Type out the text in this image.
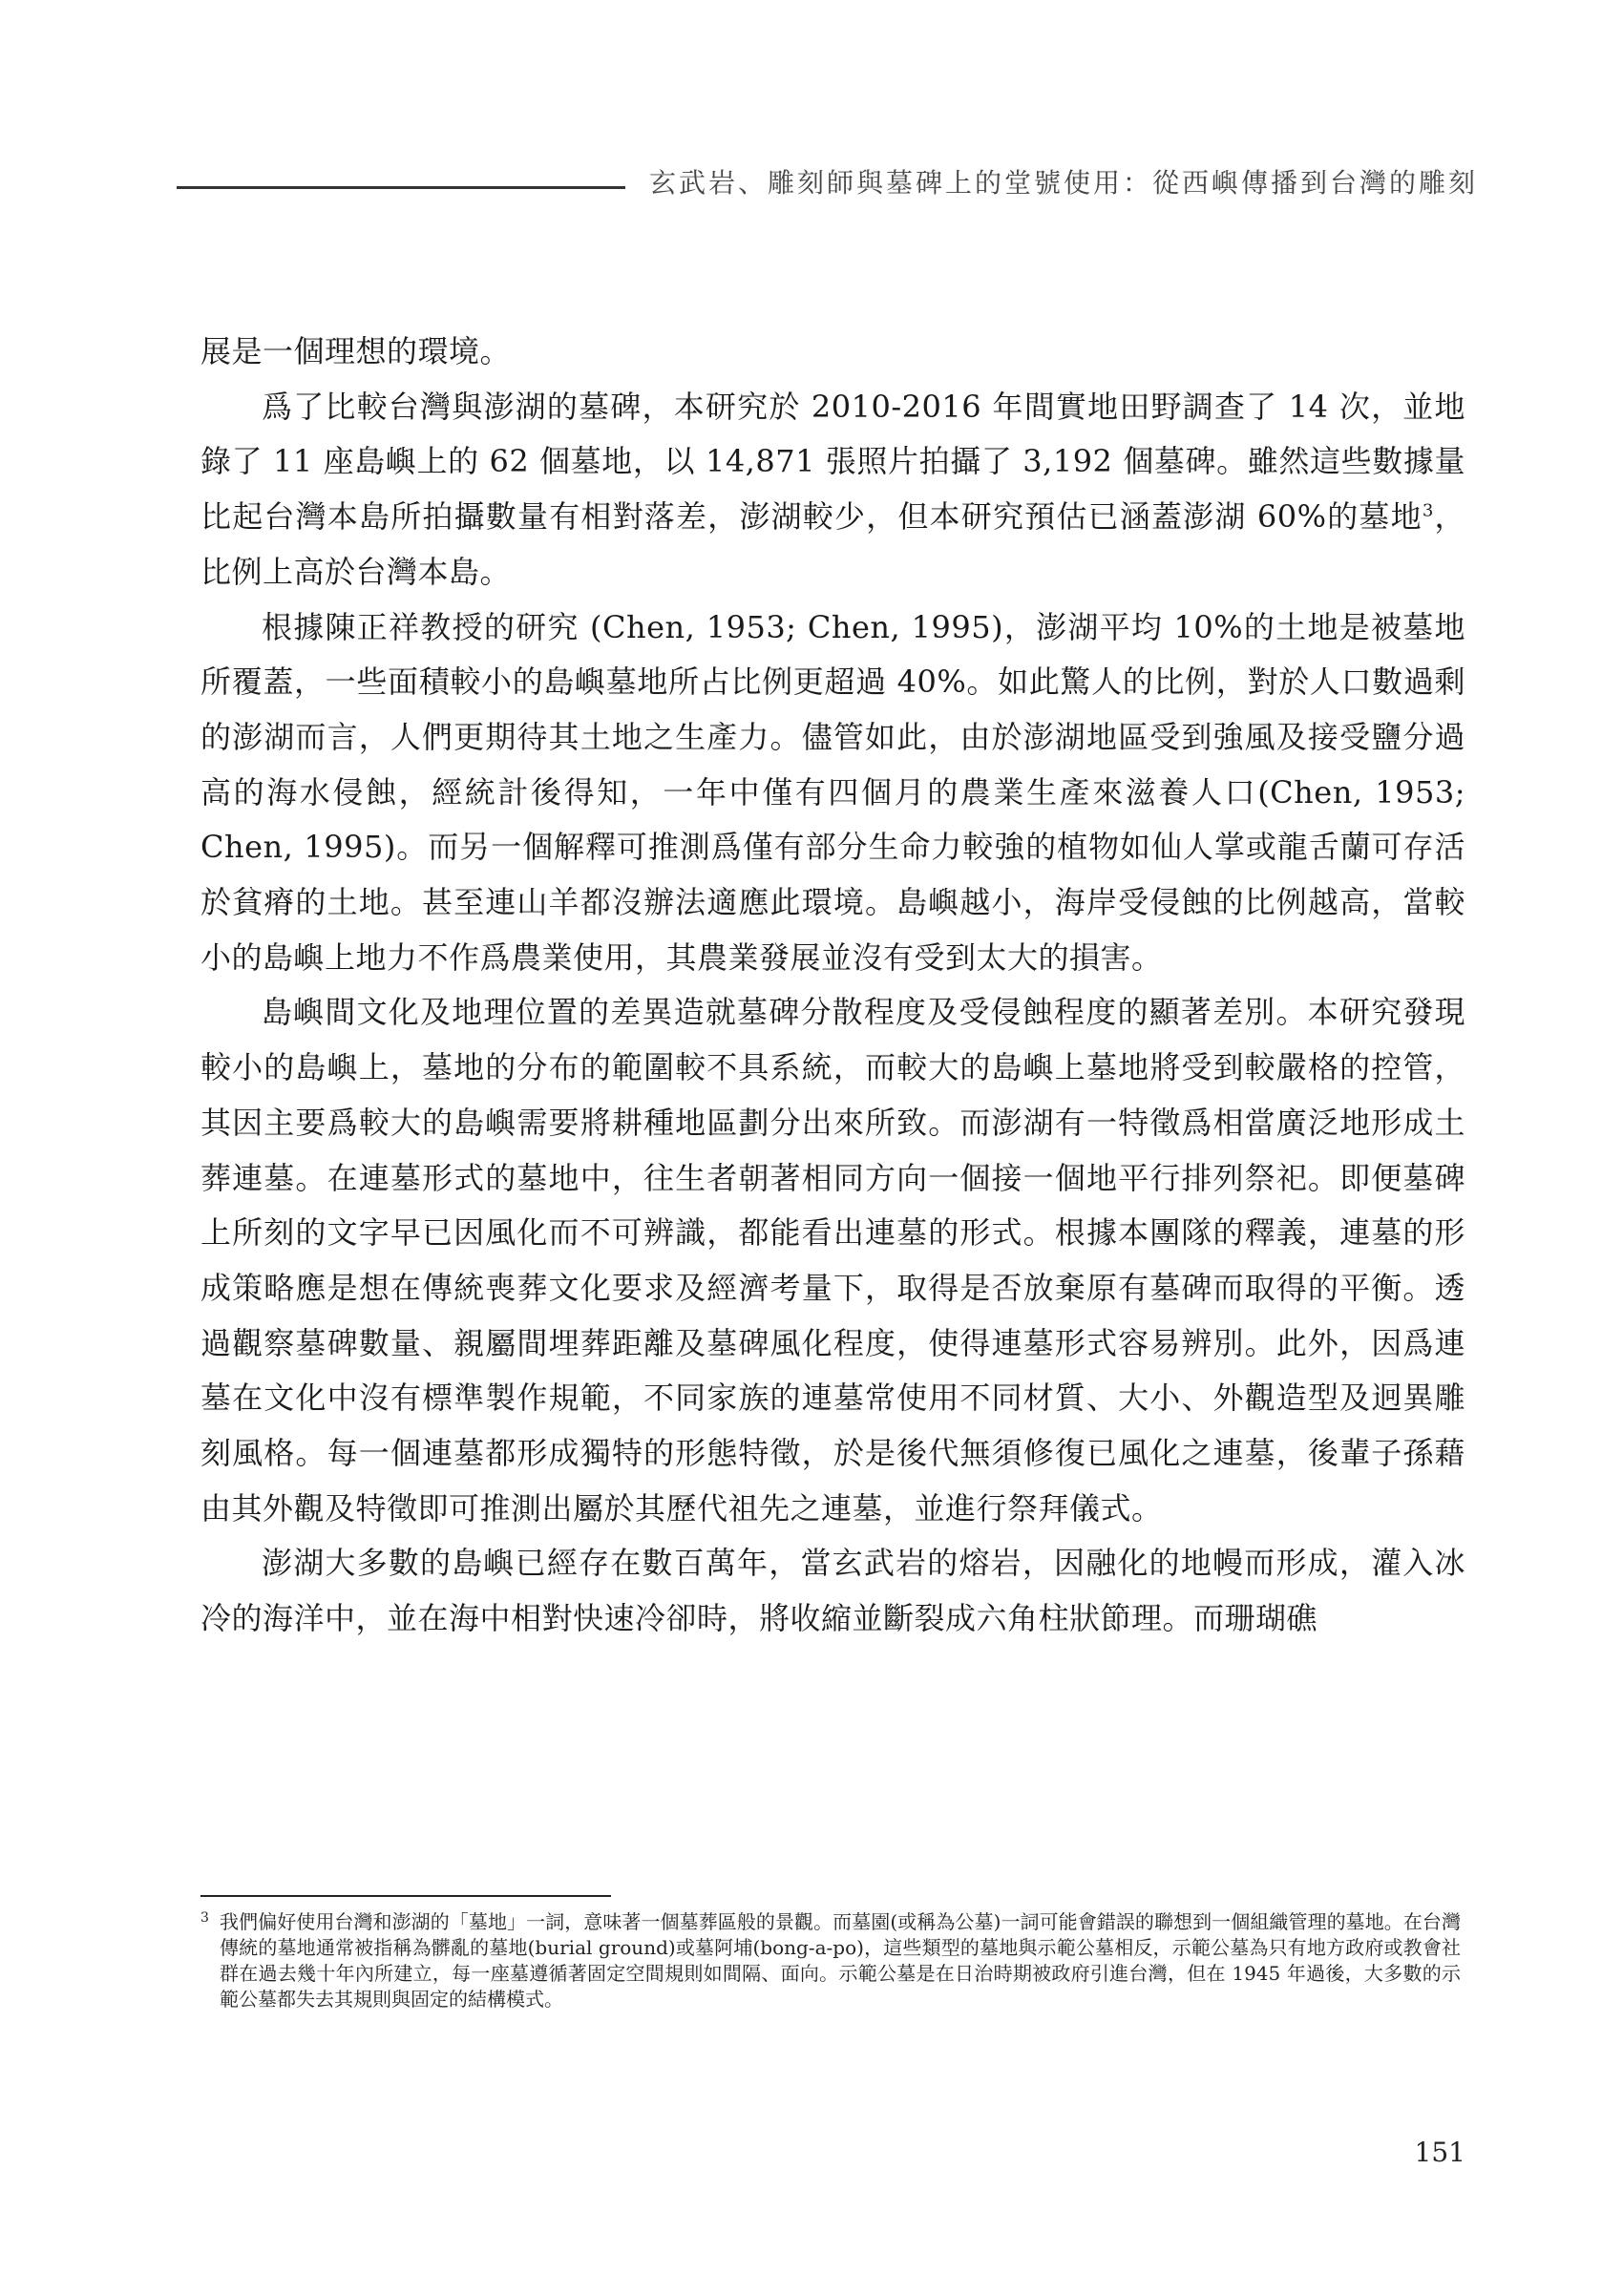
玄武岩、雕刻師與墓碑上的堂號使用：從西嶼傳播到台灣的雕刻

展是一個理想的環境。

爲了比較台灣與澎湖的墓碑，本研究於 2010-2016 年間實地田野調查了 14 次，並地錄了 11 座島嶼上的 62 個墓地，以 14,871 張照片拍攝了 3,192 個墓碑。雖然這些數據量比起台灣本島所拍攝數量有相對落差，澎湖較少，但本研究預估已涵蓋澎湖 60%的墓地$^3$，比例上高於台灣本島。

根據陳正祥教授的研究 (Chen, 1953; Chen, 1995)，澎湖平均 10%的土地是被墓地所覆蓋，一些面積較小的島嶼墓地所占比例更超過 40%。如此驚人的比例，對於人口數過剩的澎湖而言，人們更期待其土地之生產力。儘管如此，由於澎湖地區受到強風及接受鹽分過高的海水侵蝕，經統計後得知，一年中僅有四個月的農業生產來滋養人口(Chen, 1953; Chen, 1995)。而另一個解釋可推測爲僅有部分生命力較強的植物如仙人掌或龍舌蘭可存活於貧瘠的土地。甚至連山羊都沒辦法適應此環境。島嶼越小，海岸受侵蝕的比例越高，當較小的島嶼上地力不作爲農業使用，其農業發展並沒有受到太大的損害。

島嶼間文化及地理位置的差異造就墓碑分散程度及受侵蝕程度的顯著差別。本研究發現較小的島嶼上，墓地的分布的範圍較不具系統，而較大的島嶼上墓地將受到較嚴格的控管，其因主要爲較大的島嶼需要將耕種地區劃分出來所致。而澎湖有一特徵爲相當廣泛地形成土葬連墓。在連墓形式的墓地中，往生者朝著相同方向一個接一個地平行排列祭祀。即便墓碑上所刻的文字早已因風化而不可辨識，都能看出連墓的形式。根據本團隊的釋義，連墓的形成策略應是想在傳統喪葬文化要求及經濟考量下，取得是否放棄原有墓碑而取得的平衡。透過觀察墓碑數量、親屬間埋葬距離及墓碑風化程度，使得連墓形式容易辨別。此外，因爲連墓在文化中沒有標準製作規範，不同家族的連墓常使用不同材質、大小、外觀造型及迥異雕刻風格。每一個連墓都形成獨特的形態特徵，於是後代無須修復已風化之連墓，後輩子孫藉由其外觀及特徵即可推測出屬於其歷代祖先之連墓，並進行祭拜儀式。

澎湖大多數的島嶼已經存在數百萬年，當玄武岩的熔岩，因融化的地幔而形成，灌入冰冷的海洋中，並在海中相對快速冷卻時，將收縮並斷裂成六角柱狀節理。而珊瑚礁

3 我們偏好使用台灣和澎湖的「墓地」一詞，意味著一個墓葬區般的景觀。而墓園(或稱為公墓)一詞可能會錯誤的聯想到一個組織管理的墓地。在台灣傳統的墓地通常被指稱為髒亂的墓地(burial ground)或墓阿埔(bong-a-po)，這些類型的墓地與示範公墓相反，示範公墓為只有地方政府或教會社群在過去幾十年內所建立，每一座墓遵循著固定空間規則如間隔、面向。示範公墓是在日治時期被政府引進台灣，但在 1945 年過後，大多數的示範公墓都失去其規則與固定的結構模式。
151
